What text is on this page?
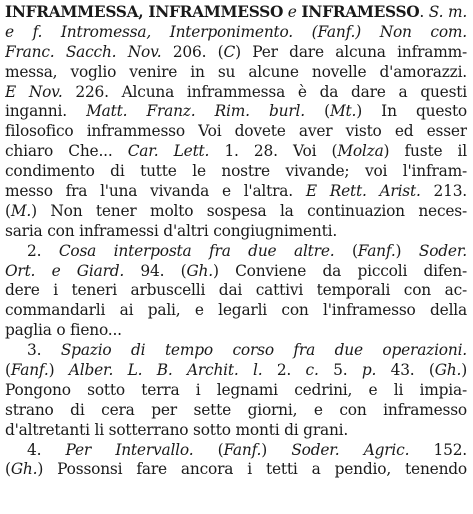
INFRAMMESSA, INFRAMMESSO e INFRAMESSO. S. m.
e f. Intromessa, Interponimento. (Fanf.) Non com.
Franc. Sacch. Nov. 206. (C) Per dare alcuna inframm-
messa, voglio venire in su alcune novelle d'amorazzi.
E Nov. 226. Alcuna inframmessa è da dare a questi
inganni. Matt. Franz. Rim. burl. (Mt.) In questo
filosofico inframmesso Voi dovete aver visto ed esser
chiaro Che... Car. Lett. 1. 28. Voi (Molza) fuste il
condimento di tutte le nostre vivande; voi l'infram-
messo fra l'una vivanda e l'altra. E Rett. Arist. 213.
(M.) Non tener molto sospesa la continuazion neces-
saria con inframessi d'altri congiugnimenti.
2. Cosa interposta fra due altre. (Fanf.) Soder.
Ort. e Giard. 94. (Gh.) Conviene da piccoli difen-
dere i teneri arbuscelli dai cattivi temporali con ac-
commandarli ai pali, e legarli con l'inframesso della
paglia o fieno...
3. Spazio di tempo corso fra due operazioni.
(Fanf.) Alber. L. B. Archit. l. 2. c. 5. p. 43. (Gh.)
Pongono sotto terra i legnami cedrini, e li impia-
strano di cera per sette giorni, e con inframesso
d'altretanti li sotterrano sotto monti di grani.
4. Per Intervallo. (Fanf.) Soder. Agric. 152.
(Gh.) Possonsi fare ancora i tetti a pendio, tenendo
